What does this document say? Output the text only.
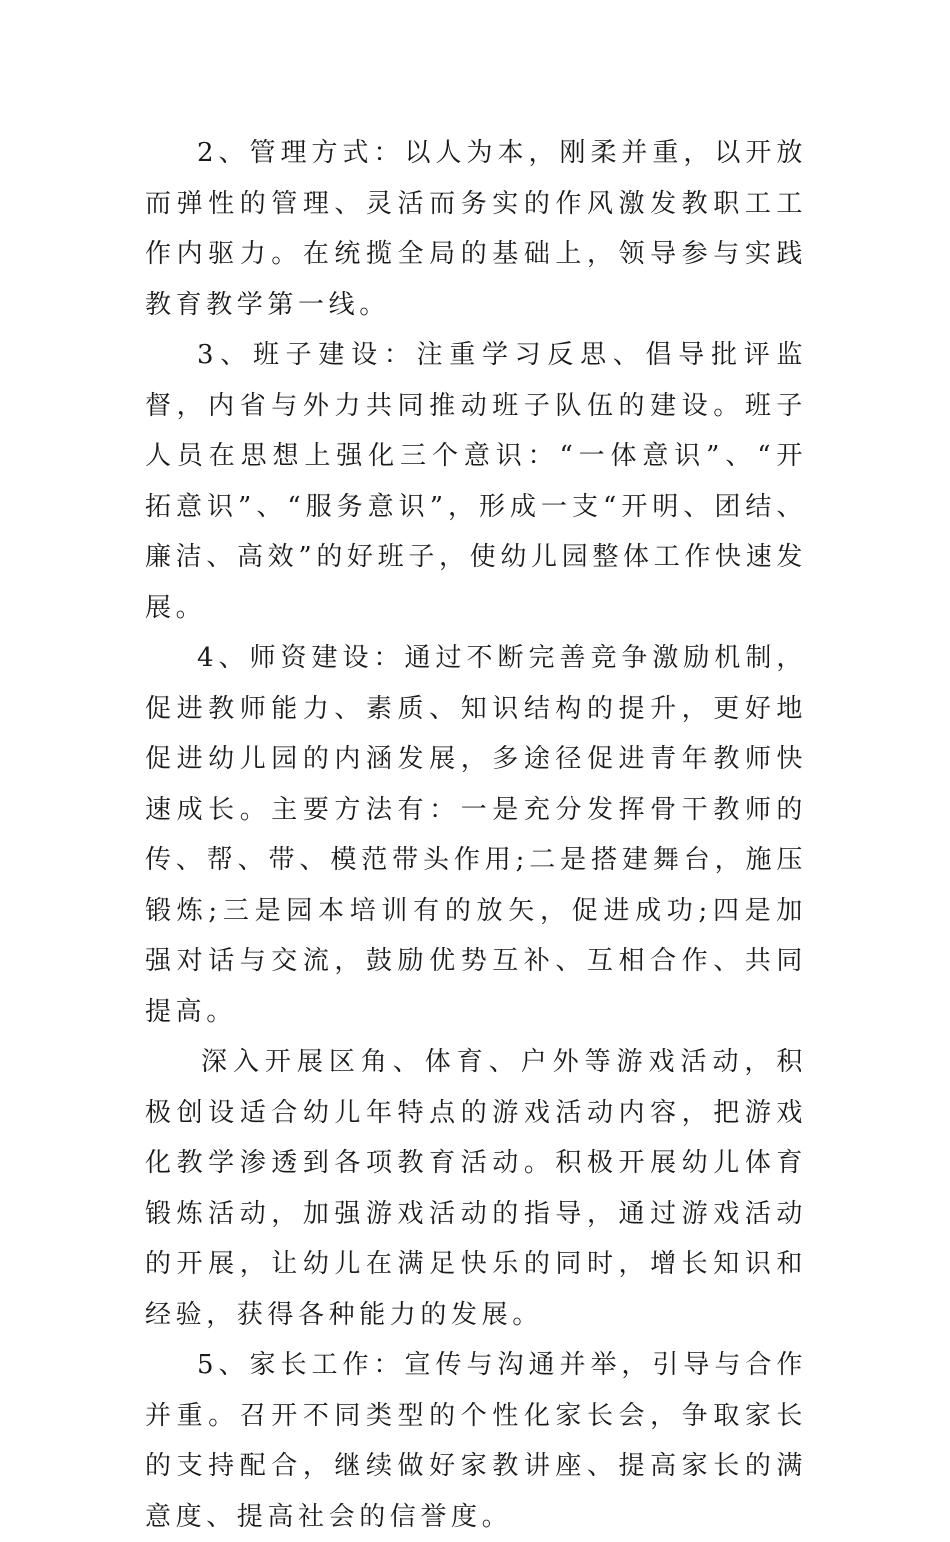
2、管理方式：以人为本，刚柔并重，以开放而弹性的管理、灵活而务实的作风激发教职工工作内驱力。在统揽全局的基础上，领导参与实践教育教学第一线。

3、班子建设：注重学习反思、倡导批评监督，内省与外力共同推动班子队伍的建设。班子人员在思想上强化三个意识：“一体意识”、“开拓意识”、“服务意识”，形成一支“开明、团结、廉洁、高效”的好班子，使幼儿园整体工作快速发展。

4、师资建设：通过不断完善竞争激励机制，促进教师能力、素质、知识结构的提升，更好地促进幼儿园的内涵发展，多途径促进青年教师快速成长。主要方法有：一是充分发挥骨干教师的传、帮、带、模范带头作用;二是搭建舞台，施压锻炼;三是园本培训有的放矢，促进成功;四是加强对话与交流，鼓励优势互补、互相合作、共同提高。

深入开展区角、体育、户外等游戏活动，积极创设适合幼儿年特点的游戏活动内容，把游戏化教学渗透到各项教育活动。积极开展幼儿体育锻炼活动，加强游戏活动的指导，通过游戏活动的开展，让幼儿在满足快乐的同时，增长知识和经验，获得各种能力的发展。

5、家长工作：宣传与沟通并举，引导与合作并重。召开不同类型的个性化家长会，争取家长的支持配合，继续做好家教讲座、提高家长的满意度、提高社会的信誉度。
